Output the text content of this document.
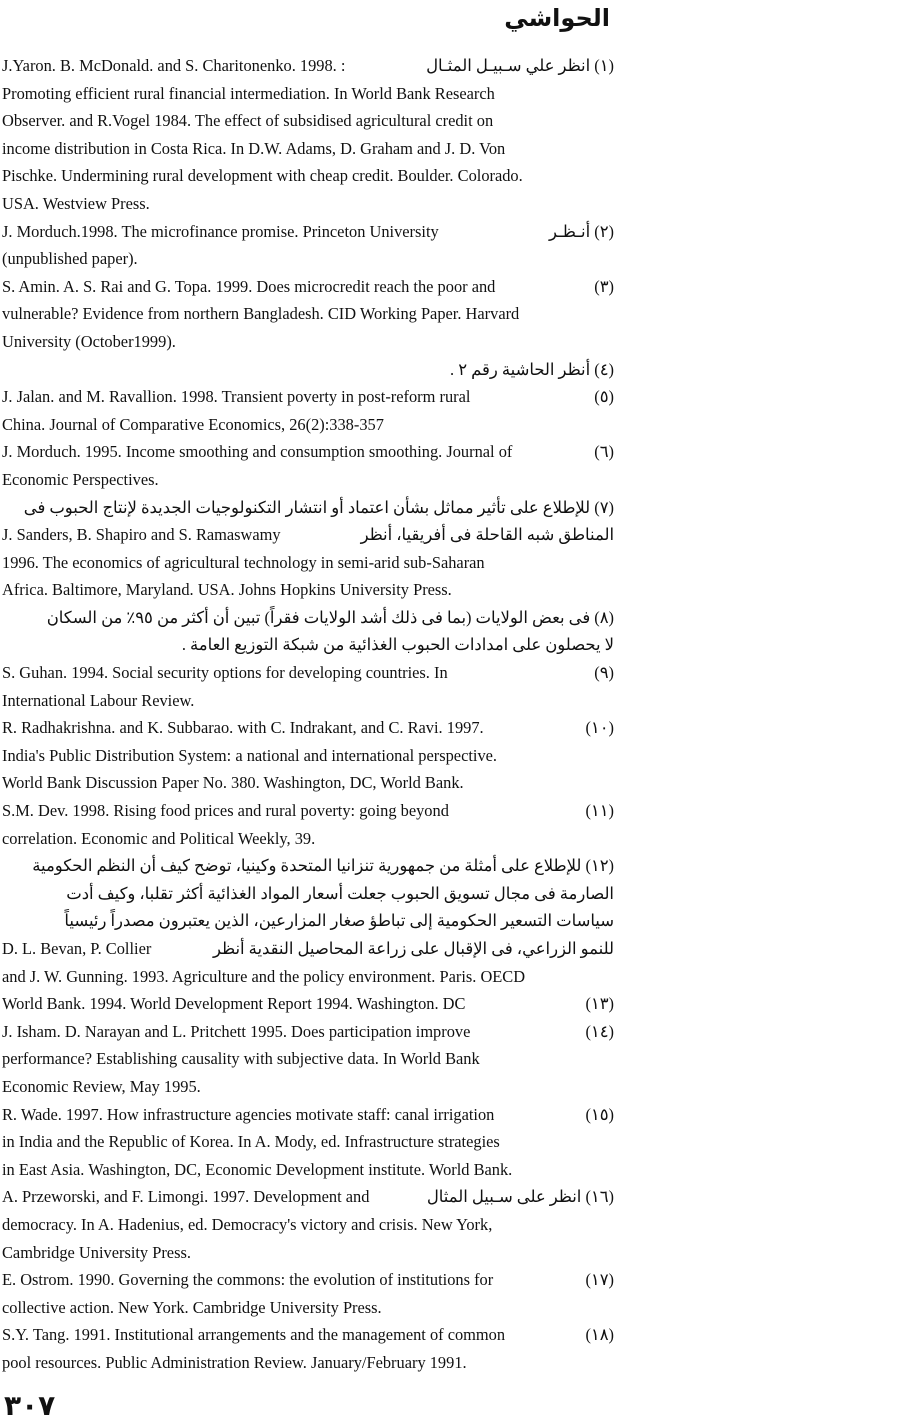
الحواشي
J.Yaron. B. McDonald. and S. Charitonenko. 1998. :	(١) انظر علي سـبيـل المثـال
Promoting efficient rural financial intermediation. In World Bank Research
Observer. and R.Vogel 1984. The effect of subsidised agricultural credit on
income distribution in Costa Rica. In D.W. Adams, D. Graham and J. D. Von
Pischke. Undermining rural development with cheap credit. Boulder. Colorado.
USA. Westview Press.
J. Morduch.1998. The microfinance promise. Princeton University	(٢) أنـظـر
(unpublished paper).
S. Amin. A. S. Rai and G. Topa. 1999. Does microcredit reach the poor and	(٣)
vulnerable? Evidence from northern Bangladesh. CID Working Paper. Harvard
University (October1999).
(٤) أنظر الحاشية رقم ٢ .
J. Jalan. and M. Ravallion. 1998. Transient poverty in post-reform rural	(٥)
China. Journal of Comparative Economics, 26(2):338-357
J. Morduch. 1995. Income smoothing and consumption smoothing. Journal of	(٦)
Economic Perspectives.
(٧) للإطلاع على تأثير مماثل بشأن اعتماد أو انتشار التكنولوجيات الجديدة لإنتاج الحبوب فى
J. Sanders, B. Shapiro and S. Ramaswamy	المناطق شبه القاحلة فى أفريقيا، أنظر
1996. The economics of agricultural technology in semi-arid sub-Saharan
Africa. Baltimore, Maryland. USA. Johns Hopkins University Press.
(٨) فى بعض الولايات (بما فى ذلك أشد الولايات فقراً) تبين أن أكثر من ٩٥٪ من السكان
لا يحصلون على امدادات الحبوب الغذائية من شبكة التوزيع العامة .
S. Guhan. 1994. Social security options for developing countries. In	(٩)
International Labour Review.
R. Radhakrishna. and K. Subbarao. with C. Indrakant, and C. Ravi. 1997.	(١٠)
India's Public Distribution System: a national and international perspective.
World Bank Discussion Paper No. 380. Washington, DC, World Bank.
S.M. Dev. 1998. Rising food prices and rural poverty: going beyond	(١١)
correlation. Economic and Political Weekly, 39.
(١٢) للإطلاع على أمثلة من جمهورية تنزانيا المتحدة وكينيا، توضح كيف أن النظم الحكومية
الصارمة فى مجال تسويق الحبوب جعلت أسعار المواد الغذائية أكثر تقلبا، وكيف أدت
سياسات التسعير الحكومية إلى تباطؤ صغار المزارعين، الذين يعتبرون مصدراً رئيسياً
D. L. Bevan, P. Collier	للنمو الزراعي، فى الإقبال على زراعة المحاصيل النقدية أنظر
and J. W. Gunning. 1993. Agriculture and the policy environment. Paris. OECD
World Bank. 1994. World Development Report 1994. Washington. DC	(١٣)
J. Isham. D. Narayan and L. Pritchett 1995. Does participation improve	(١٤)
performance? Establishing causality with subjective data. In World Bank
Economic Review, May 1995.
R. Wade. 1997. How infrastructure agencies motivate staff: canal irrigation	(١٥)
in India and the Republic of Korea. In A. Mody, ed. Infrastructure strategies
in East Asia. Washington, DC, Economic Development institute. World Bank.
A. Przeworski, and F. Limongi. 1997. Development and	(١٦) انظر على سـبيل المثال
democracy. In A. Hadenius, ed. Democracy's victory and crisis. New York,
Cambridge University Press.
E. Ostrom. 1990. Governing the commons: the evolution of institutions for	(١٧)
collective action. New York. Cambridge University Press.
S.Y. Tang. 1991. Institutional arrangements and the management of common	(١٨)
pool resources. Public Administration Review. January/February 1991.
٣٠٧
